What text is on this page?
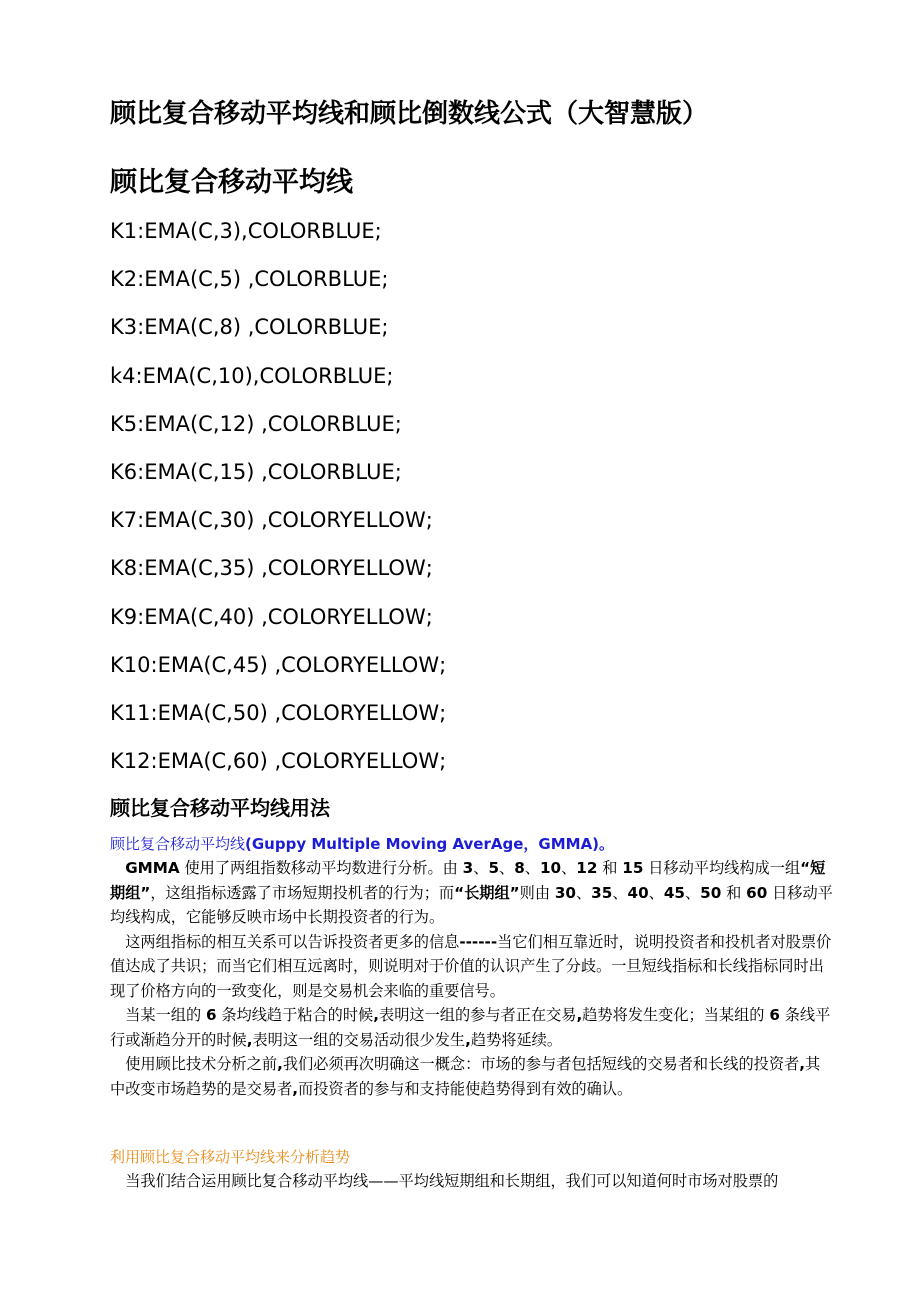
顾比复合移动平均线和顾比倒数线公式（大智慧版）
顾比复合移动平均线
K1:EMA(C,3),COLORBLUE;
K2:EMA(C,5) ,COLORBLUE;
K3:EMA(C,8) ,COLORBLUE;
k4:EMA(C,10),COLORBLUE;
K5:EMA(C,12) ,COLORBLUE;
K6:EMA(C,15) ,COLORBLUE;
K7:EMA(C,30) ,COLORYELLOW;
K8:EMA(C,35) ,COLORYELLOW;
K9:EMA(C,40) ,COLORYELLOW;
K10:EMA(C,45) ,COLORYELLOW;
K11:EMA(C,50) ,COLORYELLOW;
K12:EMA(C,60) ,COLORYELLOW;
顾比复合移动平均线用法
顾比复合移动平均线(Guppy Multiple Moving AverAge，GMMA)。

GMMA 使用了两组指数移动平均数进行分析。由 3、5、8、10、12 和 15 日移动平均线构成一组“短期组”，这组指标透露了市场短期投机者的行为；而“长期组”则由 30、35、40、45、50 和 60 日移动平均线构成，它能够反映市场中长期投资者的行为。

这两组指标的相互关系可以告诉投资者更多的信息------当它们相互靠近时，说明投资者和投机者对股票价值达成了共识；而当它们相互远离时，则说明对于价值的认识产生了分歧。一旦短线指标和长线指标同时出现了价格方向的一致变化，则是交易机会来临的重要信号。

当某一组的 6 条均线趋于粘合的时候,表明这一组的参与者正在交易,趋势将发生变化；当某组的 6 条线平行或渐趋分开的时候,表明这一组的交易活动很少发生,趋势将延续。

使用顾比技术分析之前,我们必须再次明确这一概念：市场的参与者包括短线的交易者和长线的投资者,其中改变市场趋势的是交易者,而投资者的参与和支持能使趋势得到有效的确认。

利用顾比复合移动平均线来分析趋势

当我们结合运用顾比复合移动平均线——平均线短期组和长期组，我们可以知道何时市场对股票的
